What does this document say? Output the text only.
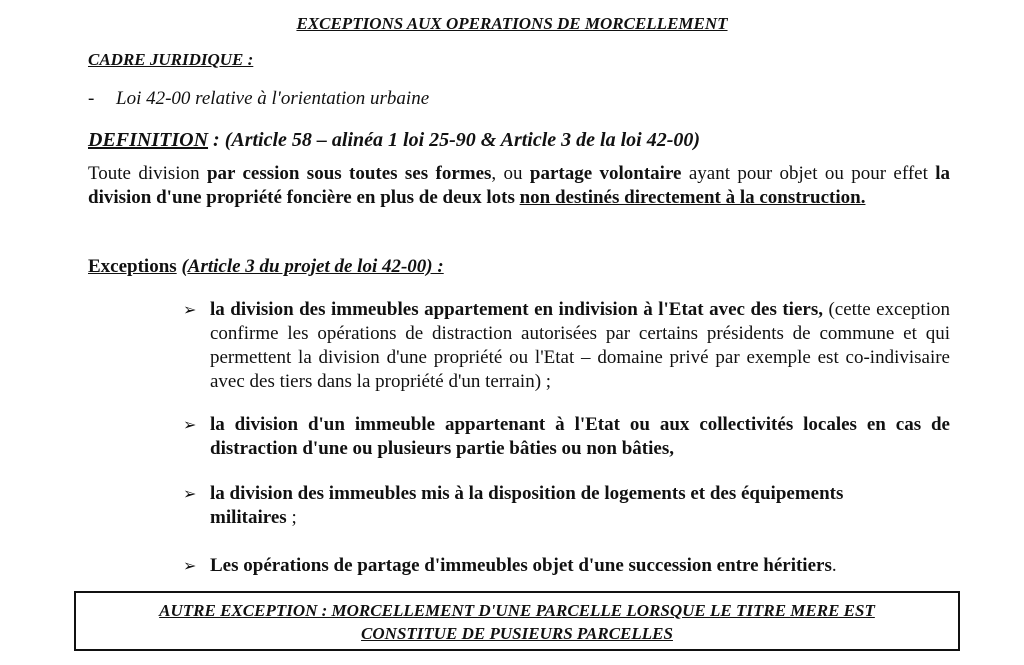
EXCEPTIONS AUX OPERATIONS DE MORCELLEMENT
CADRE JURIDIQUE :
- Loi 42-00 relative à l'orientation urbaine
DEFINITION : (Article 58 – alinéa 1 loi 25-90 & Article 3 de la loi 42-00)
Toute division par cession sous toutes ses formes, ou partage volontaire ayant pour objet ou pour effet la division d'une propriété foncière en plus de deux lots non destinés directement à la construction.
Exceptions (Article 3 du projet de loi 42-00) :
➢ la division des immeubles appartement en indivision à l'Etat avec des tiers, (cette exception confirme les opérations de distraction autorisées par certains présidents de commune et qui permettent la division d'une propriété ou l'Etat – domaine privé par exemple est co-indivisaire avec des tiers dans la propriété d'un terrain) ;
➢ la division d'un immeuble appartenant à l'Etat ou aux collectivités locales en cas de distraction d'une ou plusieurs partie bâties ou non bâties,
➢ la division des immeubles mis à la disposition de logements et des équipements militaires ;
➢ Les opérations de partage d'immeubles objet d'une succession entre héritiers.
AUTRE EXCEPTION : MORCELLEMENT D'UNE PARCELLE LORSQUE LE TITRE MERE EST
CONSTITUE DE PUSIEURS PARCELLES
